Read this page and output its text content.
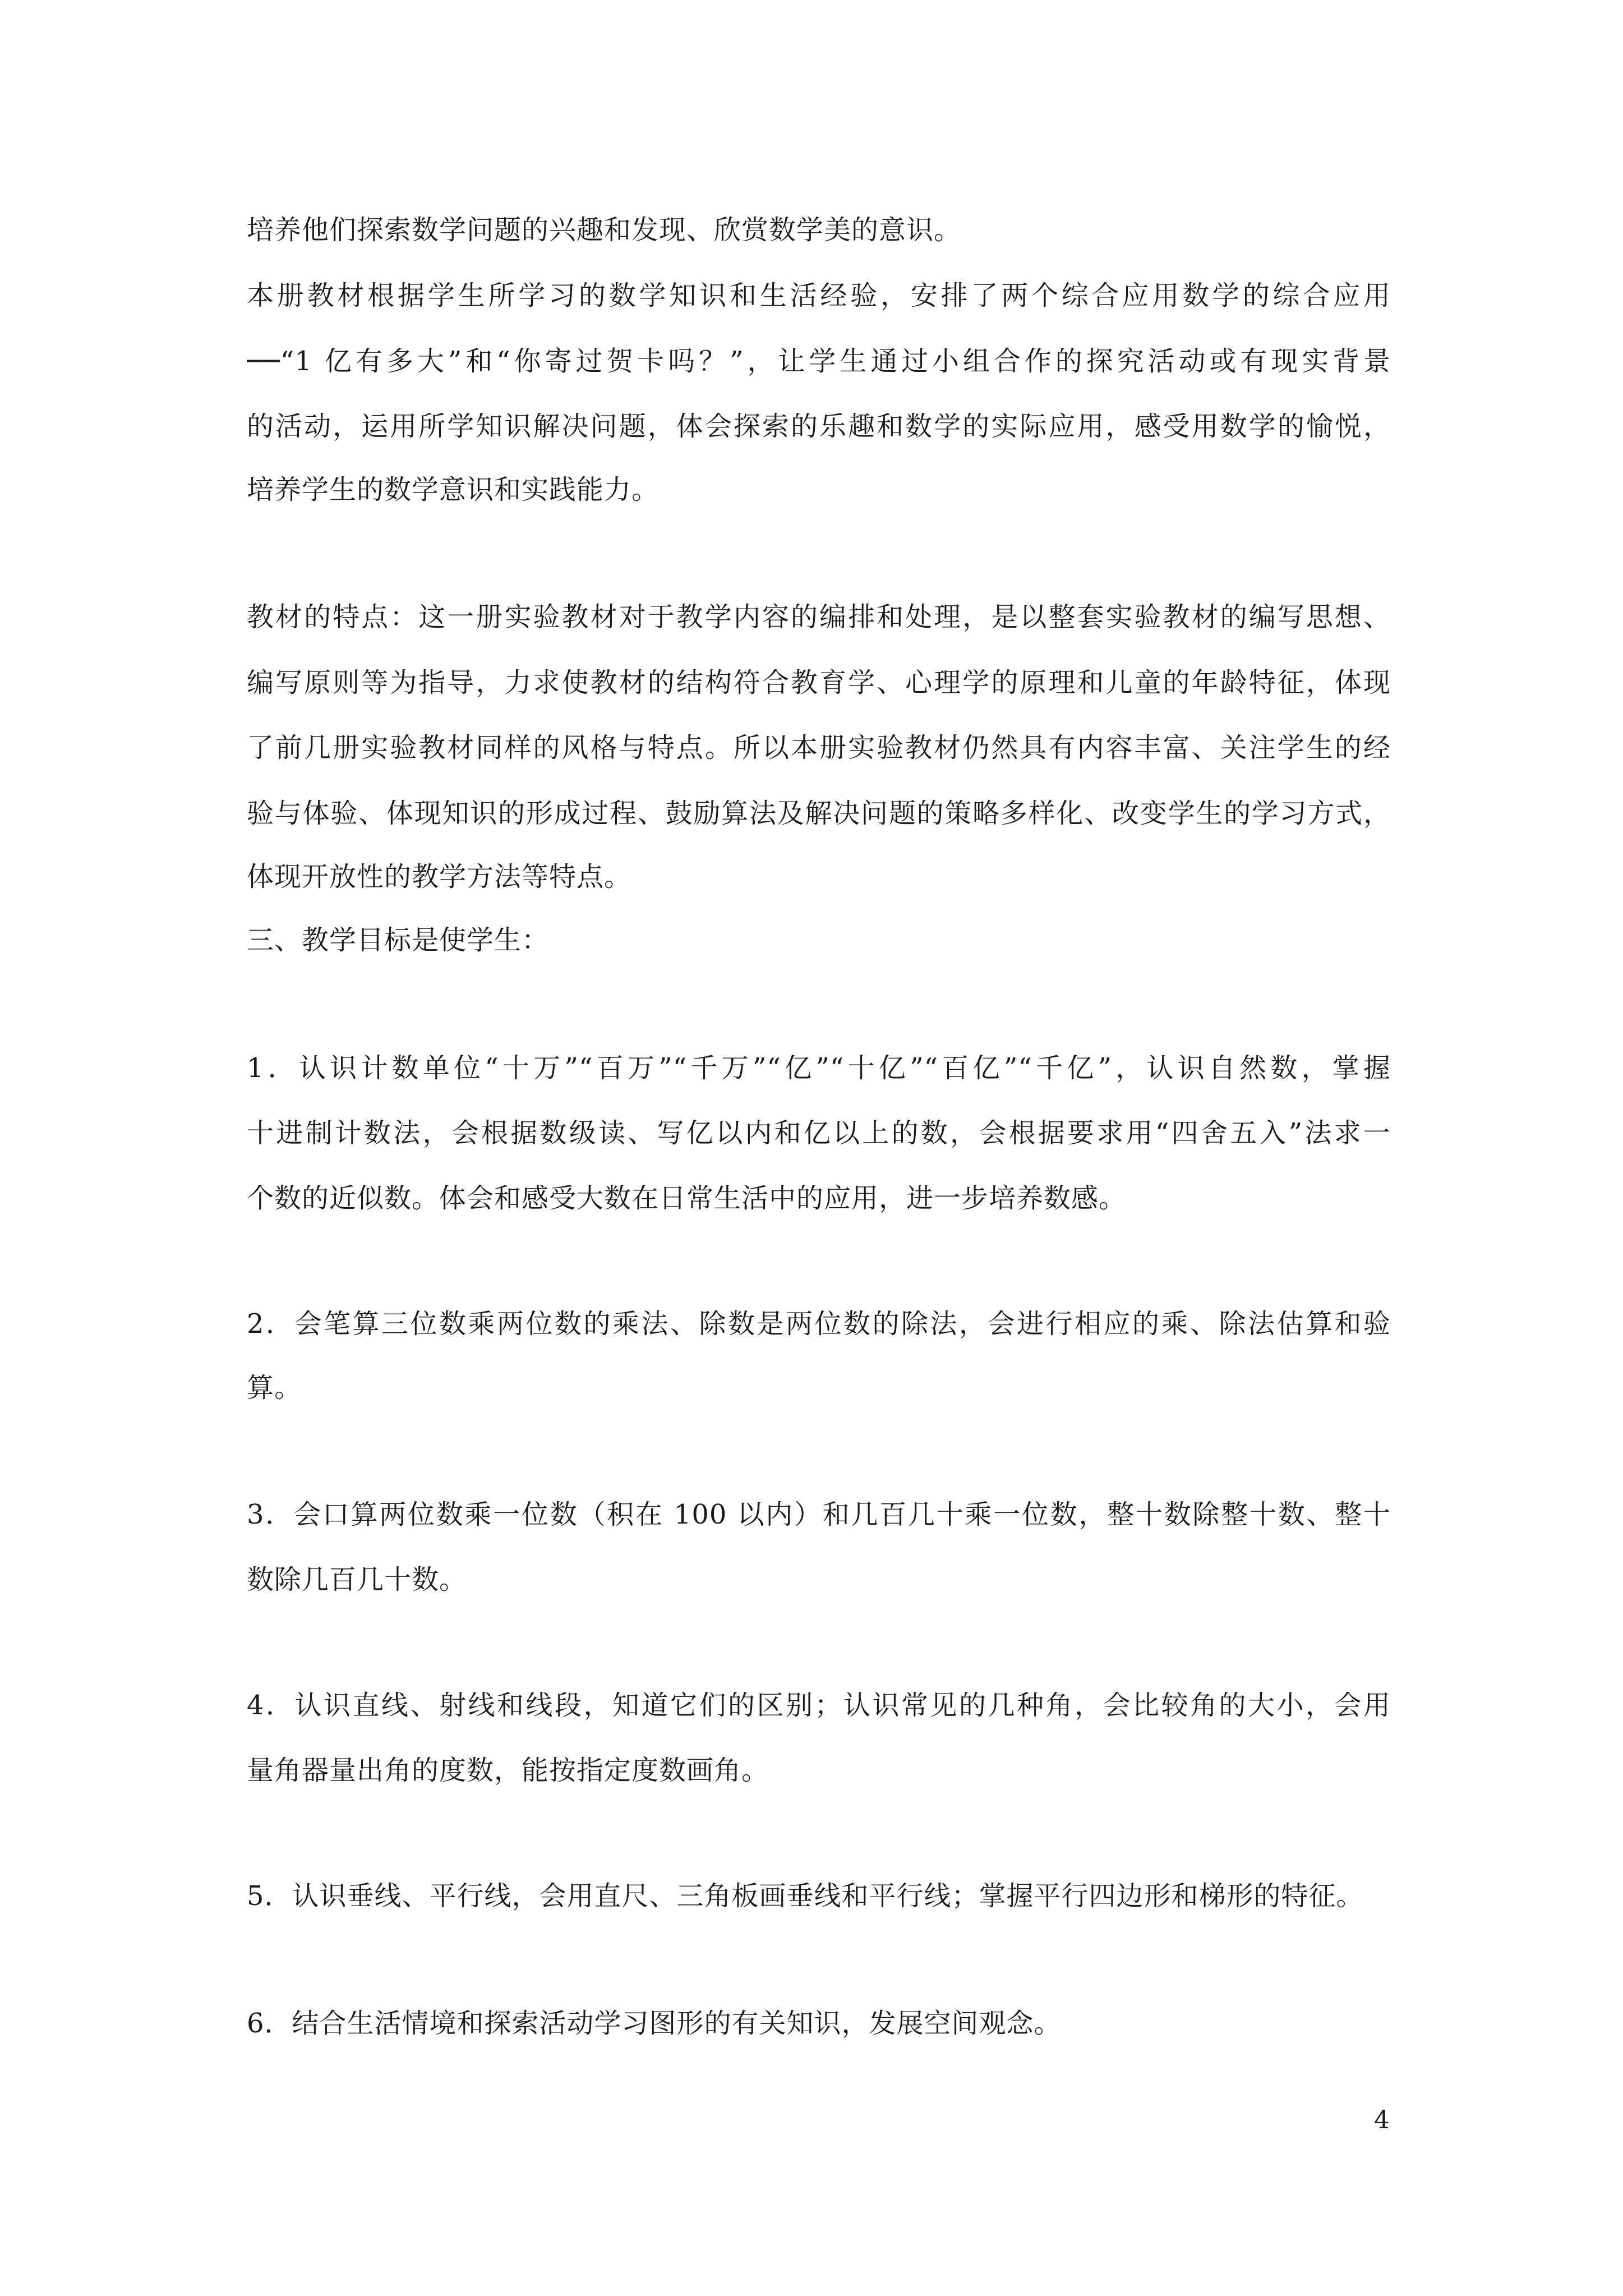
培养他们探索数学问题的兴趣和发现、欣赏数学美的意识。
本册教材根据学生所学习的数学知识和生活经验，安排了两个综合应用数学的综合应用
──“1 亿有多大”和“你寄过贺卡吗？”，让学生通过小组合作的探究活动或有现实背景
的活动，运用所学知识解决问题，体会探索的乐趣和数学的实际应用，感受用数学的愉悦，
培养学生的数学意识和实践能力。
教材的特点：这一册实验教材对于教学内容的编排和处理，是以整套实验教材的编写思想、
编写原则等为指导，力求使教材的结构符合教育学、心理学的原理和儿童的年龄特征，体现
了前几册实验教材同样的风格与特点。所以本册实验教材仍然具有内容丰富、关注学生的经
验与体验、体现知识的形成过程、鼓励算法及解决问题的策略多样化、改变学生的学习方式，
体现开放性的教学方法等特点。
三、教学目标是使学生：
1．认识计数单位“十万”“百万”“千万”“亿”“十亿”“百亿”“千亿”，认识自然数，掌握
十进制计数法，会根据数级读、写亿以内和亿以上的数，会根据要求用“四舍五入”法求一
个数的近似数。体会和感受大数在日常生活中的应用，进一步培养数感。
2．会笔算三位数乘两位数的乘法、除数是两位数的除法，会进行相应的乘、除法估算和验
算。
3．会口算两位数乘一位数（积在 100 以内）和几百几十乘一位数，整十数除整十数、整十
数除几百几十数。
4．认识直线、射线和线段，知道它们的区别；认识常见的几种角，会比较角的大小，会用
量角器量出角的度数，能按指定度数画角。
5．认识垂线、平行线，会用直尺、三角板画垂线和平行线；掌握平行四边形和梯形的特征。
6．结合生活情境和探索活动学习图形的有关知识，发展空间观念。
4
